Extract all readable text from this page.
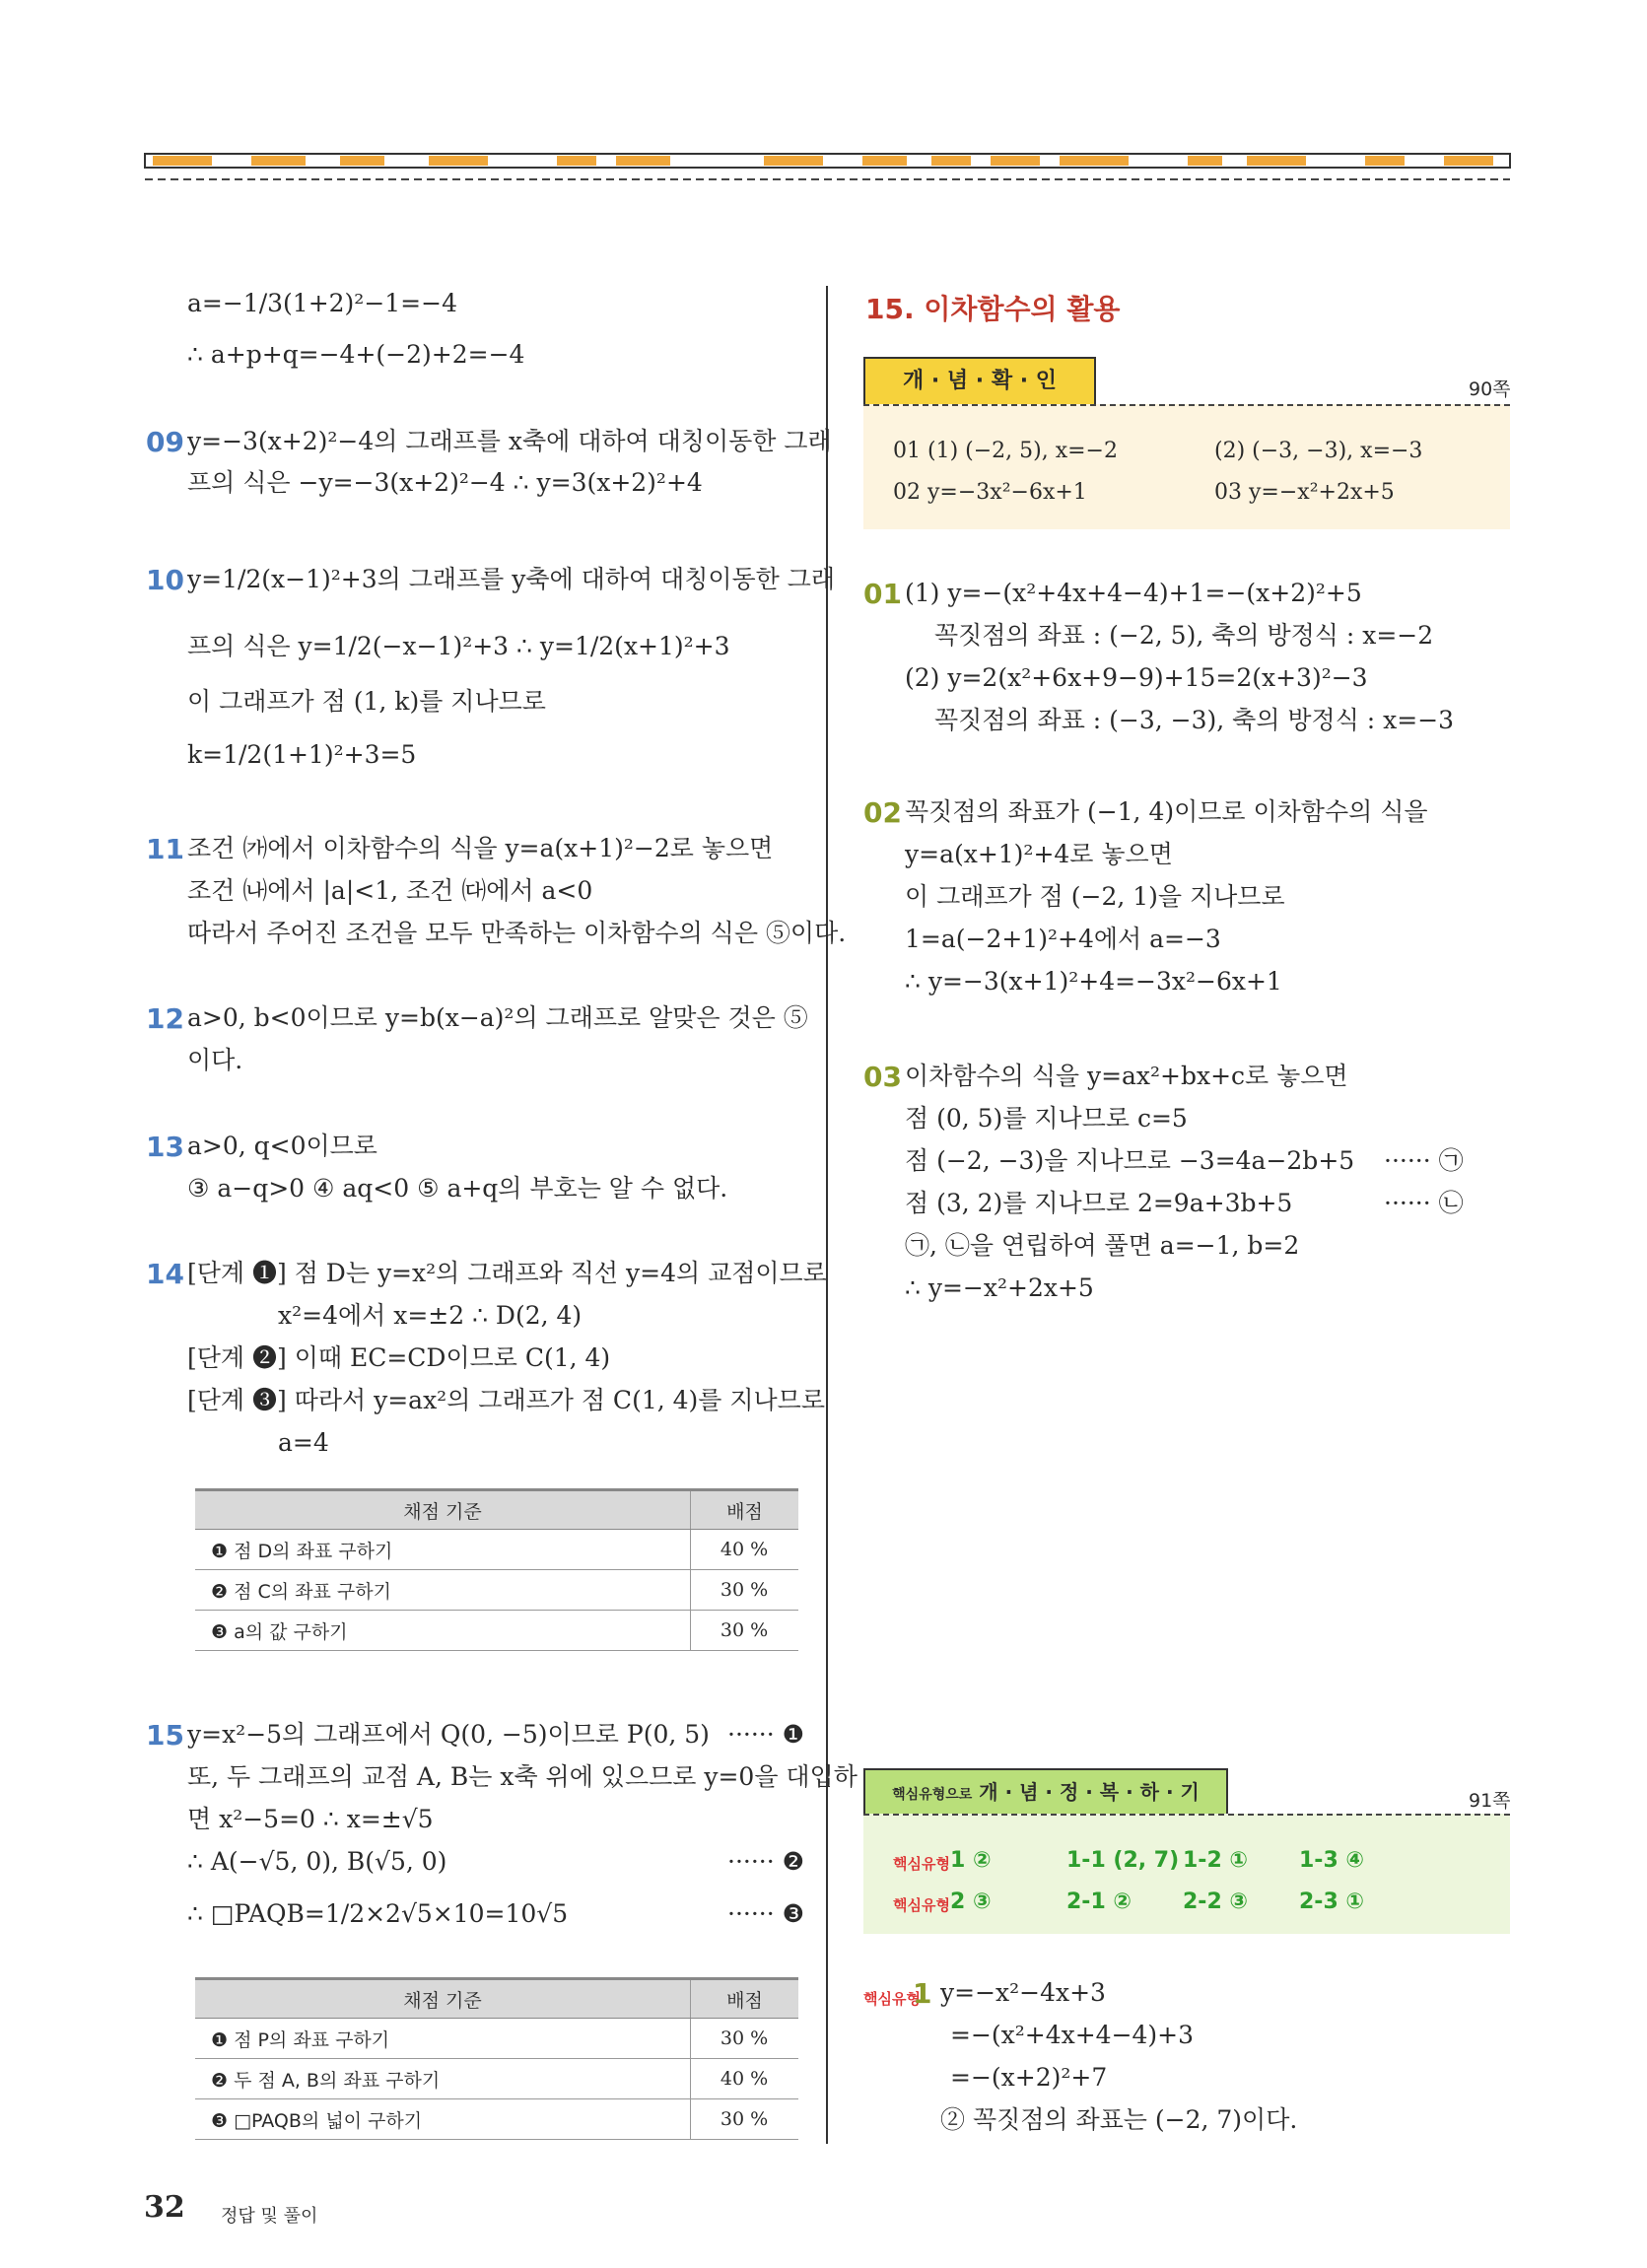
a=−1/3(1+2)²−1=−4
∴ a+p+q=−4+(−2)+2=−4
09 y=−3(x+2)²−4의 그래프를 x축에 대하여 대칭이동한 그래
프의 식은 −y=−3(x+2)²−4 ∴ y=3(x+2)²+4
10 y=1/2(x−1)²+3의 그래프를 y축에 대하여 대칭이동한 그래
프의 식은 y=1/2(−x−1)²+3 ∴ y=1/2(x+1)²+3
이 그래프가 점 (1, k)를 지나므로
k=1/2(1+1)²+3=5
11 조건 ㈎에서 이차함수의 식을 y=a(x+1)²−2로 놓으면
조건 ㈏에서 |a|<1, 조건 ㈐에서 a<0
따라서 주어진 조건을 모두 만족하는 이차함수의 식은 ⑤이다.
12 a>0, b<0이므로 y=b(x−a)²의 그래프로 알맞은 것은 ⑤
이다.
13 a>0, q<0이므로
③ a−q>0 ④ aq<0 ⑤ a+q의 부호는 알 수 없다.
14 [단계 ❶] 점 D는 y=x²의 그래프와 직선 y=4의 교점이므로
x²=4에서 x=±2 ∴ D(2, 4)
[단계 ❷] 이때 EC=CD이므로 C(1, 4)
[단계 ❸] 따라서 y=ax²의 그래프가 점 C(1, 4)를 지나므로
a=4
채점 기준	배점
❶ 점 D의 좌표 구하기	40 %
❷ 점 C의 좌표 구하기	30 %
❸ a의 값 구하기	30 %
15 y=x²−5의 그래프에서 Q(0, −5)이므로 P(0, 5) ······ ❶
또, 두 그래프의 교점 A, B는 x축 위에 있으므로 y=0을 대입하
면 x²−5=0 ∴ x=±√5
∴ A(−√5, 0), B(√5, 0)	······ ❷
∴ □PAQB=1/2×2√5×10=10√5	······ ❸
채점 기준	배점
❶ 점 P의 좌표 구하기	30 %
❷ 두 점 A, B의 좌표 구하기	40 %
❸ □PAQB의 넓이 구하기	30 %
15. 이차함수의 활용
개 · 념 · 확 · 인	90쪽
01 (1) (−2, 5), x=−2	(2) (−3, −3), x=−3
02 y=−3x²−6x+1	03 y=−x²+2x+5
01 (1) y=−(x²+4x+4−4)+1=−(x+2)²+5
꼭짓점의 좌표 : (−2, 5), 축의 방정식 : x=−2
(2) y=2(x²+6x+9−9)+15=2(x+3)²−3
꼭짓점의 좌표 : (−3, −3), 축의 방정식 : x=−3
02 꼭짓점의 좌표가 (−1, 4)이므로 이차함수의 식을
y=a(x+1)²+4로 놓으면
이 그래프가 점 (−2, 1)을 지나므로
1=a(−2+1)²+4에서 a=−3
∴ y=−3(x+1)²+4=−3x²−6x+1
03 이차함수의 식을 y=ax²+bx+c로 놓으면
점 (0, 5)를 지나므로 c=5
점 (−2, −3)을 지나므로 −3=4a−2b+5 ······ ㉠
점 (3, 2)를 지나므로 2=9a+3b+5	······ ㉡
㉠, ㉡을 연립하여 풀면 a=−1, b=2
∴ y=−x²+2x+5
핵심유형으로 개 · 념 · 정 · 복 · 하 · 기	91쪽
핵심유형 1 ②	1-1 (2, 7) 1-2 ① 1-3 ④
핵심유형 2 ③	2-1 ② 2-2 ③ 2-3 ①
핵심유형
1 y=−x²−4x+3
=−(x²+4x+4−4)+3
=−(x+2)²+7
② 꼭짓점의 좌표는 (−2, 7)이다.
32 정답 및 풀이
